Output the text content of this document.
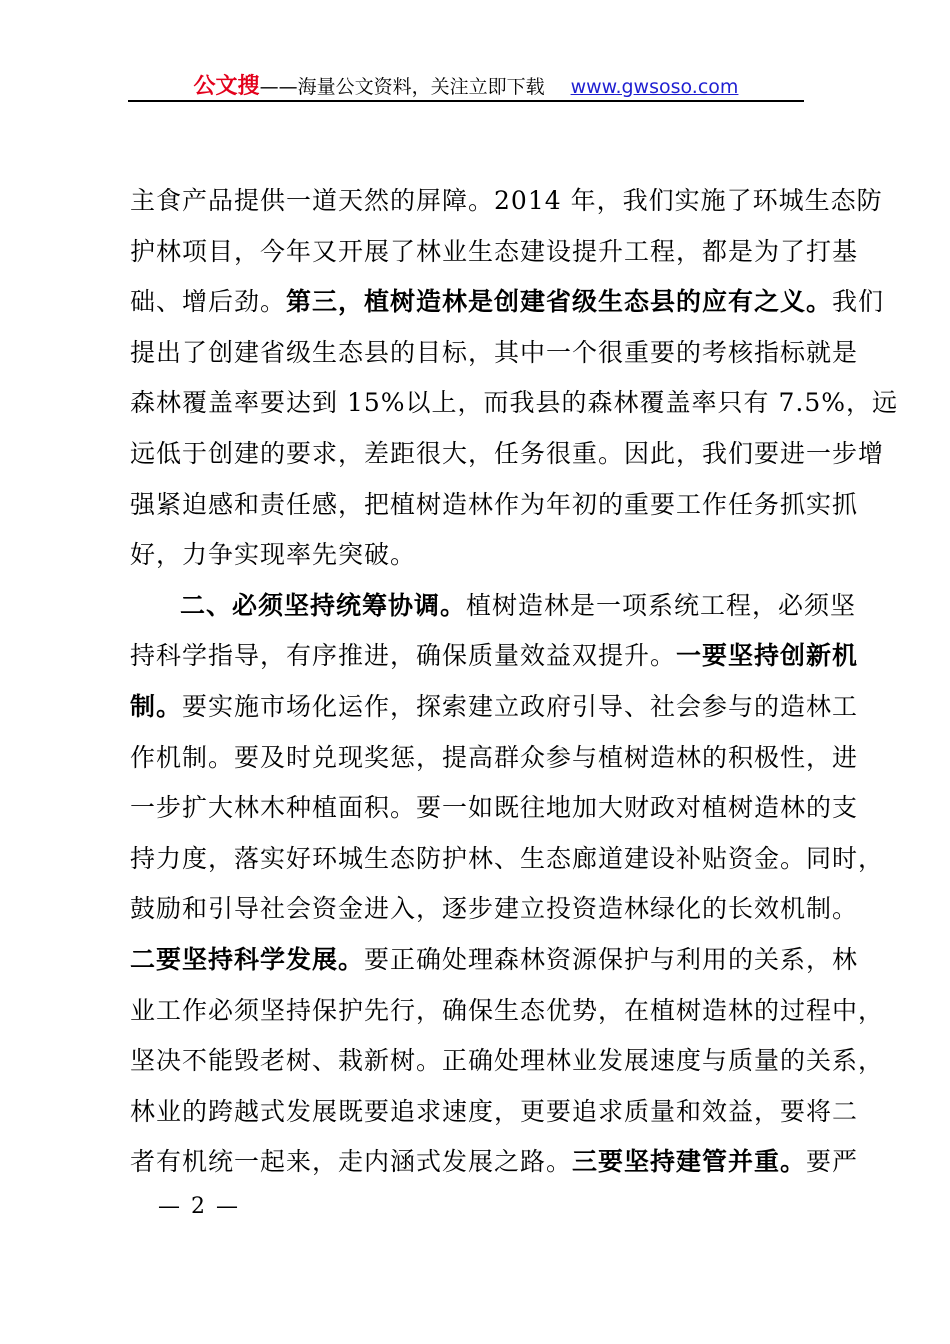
公文搜——海量公文资料，关注立即下载 www.gwsoso.com
主食产品提供一道天然的屏障。2014 年，我们实施了环城生态防
护林项目，今年又开展了林业生态建设提升工程，都是为了打基
础、增后劲。第三，植树造林是创建省级生态县的应有之义。我们
提出了创建省级生态县的目标，其中一个很重要的考核指标就是
森林覆盖率要达到 15%以上，而我县的森林覆盖率只有 7.5%，远
远低于创建的要求，差距很大，任务很重。因此，我们要进一步增
强紧迫感和责任感，把植树造林作为年初的重要工作任务抓实抓
好，力争实现率先突破。
二、必须坚持统筹协调。植树造林是一项系统工程，必须坚
持科学指导，有序推进，确保质量效益双提升。一要坚持创新机
制。要实施市场化运作，探索建立政府引导、社会参与的造林工
作机制。要及时兑现奖惩，提高群众参与植树造林的积极性，进
一步扩大林木种植面积。要一如既往地加大财政对植树造林的支
持力度，落实好环城生态防护林、生态廊道建设补贴资金。同时，
鼓励和引导社会资金进入，逐步建立投资造林绿化的长效机制。
二要坚持科学发展。要正确处理森林资源保护与利用的关系，林
业工作必须坚持保护先行，确保生态优势，在植树造林的过程中，
坚决不能毁老树、栽新树。正确处理林业发展速度与质量的关系，
林业的跨越式发展既要追求速度，更要追求质量和效益，要将二
者有机统一起来，走内涵式发展之路。三要坚持建管并重。要严
— 2 —
